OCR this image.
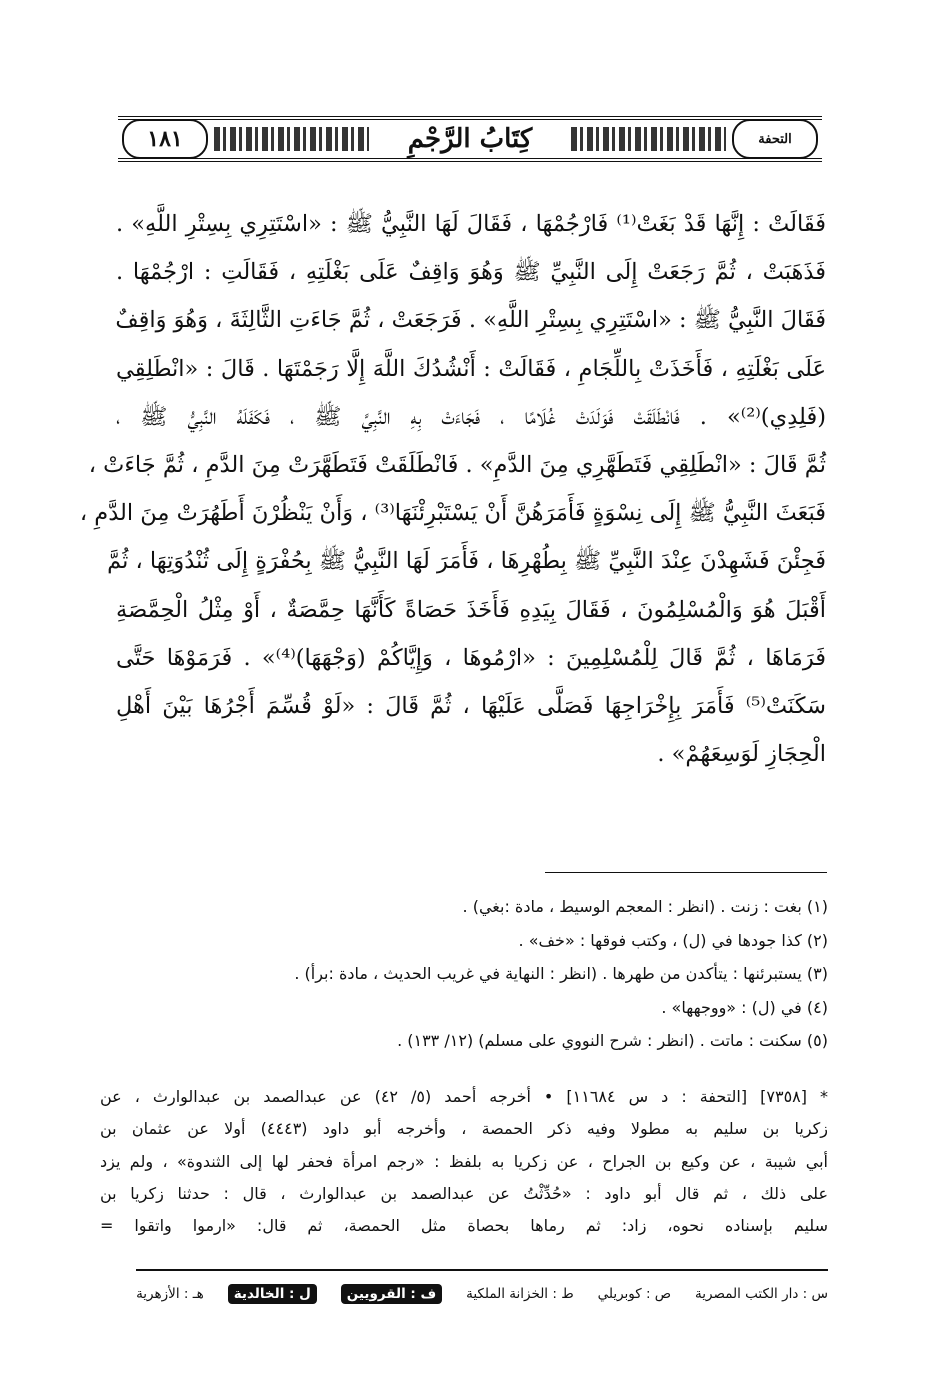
١٨١	كِتَابُ الرَّجْمِ	التحفة
فَقَالَتْ : إِنَّهَا قَدْ بَغَتْ⁽¹⁾ فَارْجُمْهَا ، فَقَالَ لَهَا النَّبِيُّ ﷺ : «اسْتَتِرِي بِسِتْرِ اللَّهِ» .
فَذَهَبَتْ ، ثُمَّ رَجَعَتْ إِلَى النَّبِيِّ ﷺ وَهُوَ وَاقِفٌ عَلَى بَغْلَتِهِ ، فَقَالَتِ : ارْجُمْهَا .
فَقَالَ النَّبِيُّ ﷺ : «اسْتَتِرِي بِسِتْرِ اللَّهِ» . فَرَجَعَتْ ، ثُمَّ جَاءَتِ الثَّالِثَةَ ، وَهُوَ وَاقِفٌ
عَلَى بَغْلَتِهِ ، فَأَخَذَتْ بِاللِّجَامِ ، فَقَالَتْ : أَنْشُدُكَ اللَّهَ إِلَّا رَجَمْتَهَا . قَالَ : «انْطَلِقِي
(فَلِدِي)⁽²⁾» . فَانْطَلَقَتْ فَوَلَدَتْ غُلَامًا ، فَجَاءَتْ بِهِ النَّبِيَّ ﷺ ، فَكَفَلَهُ النَّبِيُّ ﷺ ،
ثُمَّ قَالَ : «انْطَلِقِي فَتَطَهَّرِي مِنَ الدَّمِ» . فَانْطَلَقَتْ فَتَطَهَّرَتْ مِنَ الدَّمِ ، ثُمَّ جَاءَتْ ،
فَبَعَثَ النَّبِيُّ ﷺ إِلَى نِسْوَةٍ فَأَمَرَهُنَّ أَنْ يَسْتَبْرِئْنَهَا⁽³⁾ ، وَأَنْ يَنْظُرْنَ أَطَهُرَتْ مِنَ الدَّمِ ،
فَجِئْنَ فَشَهِدْنَ عِنْدَ النَّبِيِّ ﷺ بِطُهْرِهَا ، فَأَمَرَ لَهَا النَّبِيُّ ﷺ بِحُفْرَةٍ إِلَى ثُنْدُوَتِهَا ، ثُمَّ
أَقْبَلَ هُوَ وَالْمُسْلِمُونَ ، فَقَالَ بِيَدِهِ فَأَخَذَ حَصَاةً كَأَنَّهَا حِمَّصَةٌ ، أَوْ مِثْلُ الْحِمَّصَةِ
فَرَمَاهَا ، ثُمَّ قَالَ لِلْمُسْلِمِينَ : «ارْمُوهَا ، وَإِيَّاكُمْ (وَجْهَهَا)⁽⁴⁾» . فَرَمَوْهَا حَتَّى
سَكَنَتْ⁽⁵⁾ فَأَمَرَ بِإِخْرَاجِهَا فَصَلَّى عَلَيْهَا ، ثُمَّ قَالَ : «لَوْ قُسِّمَ أَجْرُهَا بَيْنَ أَهْلِ
الْحِجَازِ لَوَسِعَهُمْ» .
(١) بغت : زنت . (انظر : المعجم الوسيط ، مادة :بغي) .
(٢) كذا جودها في (ل) ، وكتب فوقها : «خف» .
(٣) يستبرئنها : يتأكدن من طهرها . (انظر : النهاية في غريب الحديث ، مادة :برأ) .
(٤) في (ل) : «ووجهها» .
(٥) سكنت : ماتت . (انظر : شرح النووي على مسلم) (١٢/ ١٣٣) .
* [٧٣٥٨] [التحفة : د س ١١٦٨٤] • أخرجه أحمد (٥/ ٤٢) عن عبدالصمد بن عبدالوارث ، عن
زكريا بن سليم به مطولا وفيه ذكر الحمصة ، وأخرجه أبو داود (٤٤٤٣) أولا عن عثمان بن
أبي شيبة ، عن وكيع بن الجراح ، عن زكريا به بلفظ : «رجم امرأة فحفر لها إلى الثندوة» ، ولم يزد
على ذلك ، ثم قال أبو داود : «حُدِّثْتُ عن عبدالصمد بن عبدالوارث ، قال : حدثنا زكريا بن
سليم بإسناده نحوه، زاد: ثم رماها بحصاة مثل الحمصة، ثم قال: «ارموا واتقوا =
س : دار الكتب المصرية
ص : كوبريلي
ط : الخزانة الملكية
ف : القرويين
ل : الخالدية
هـ : الأزهرية
